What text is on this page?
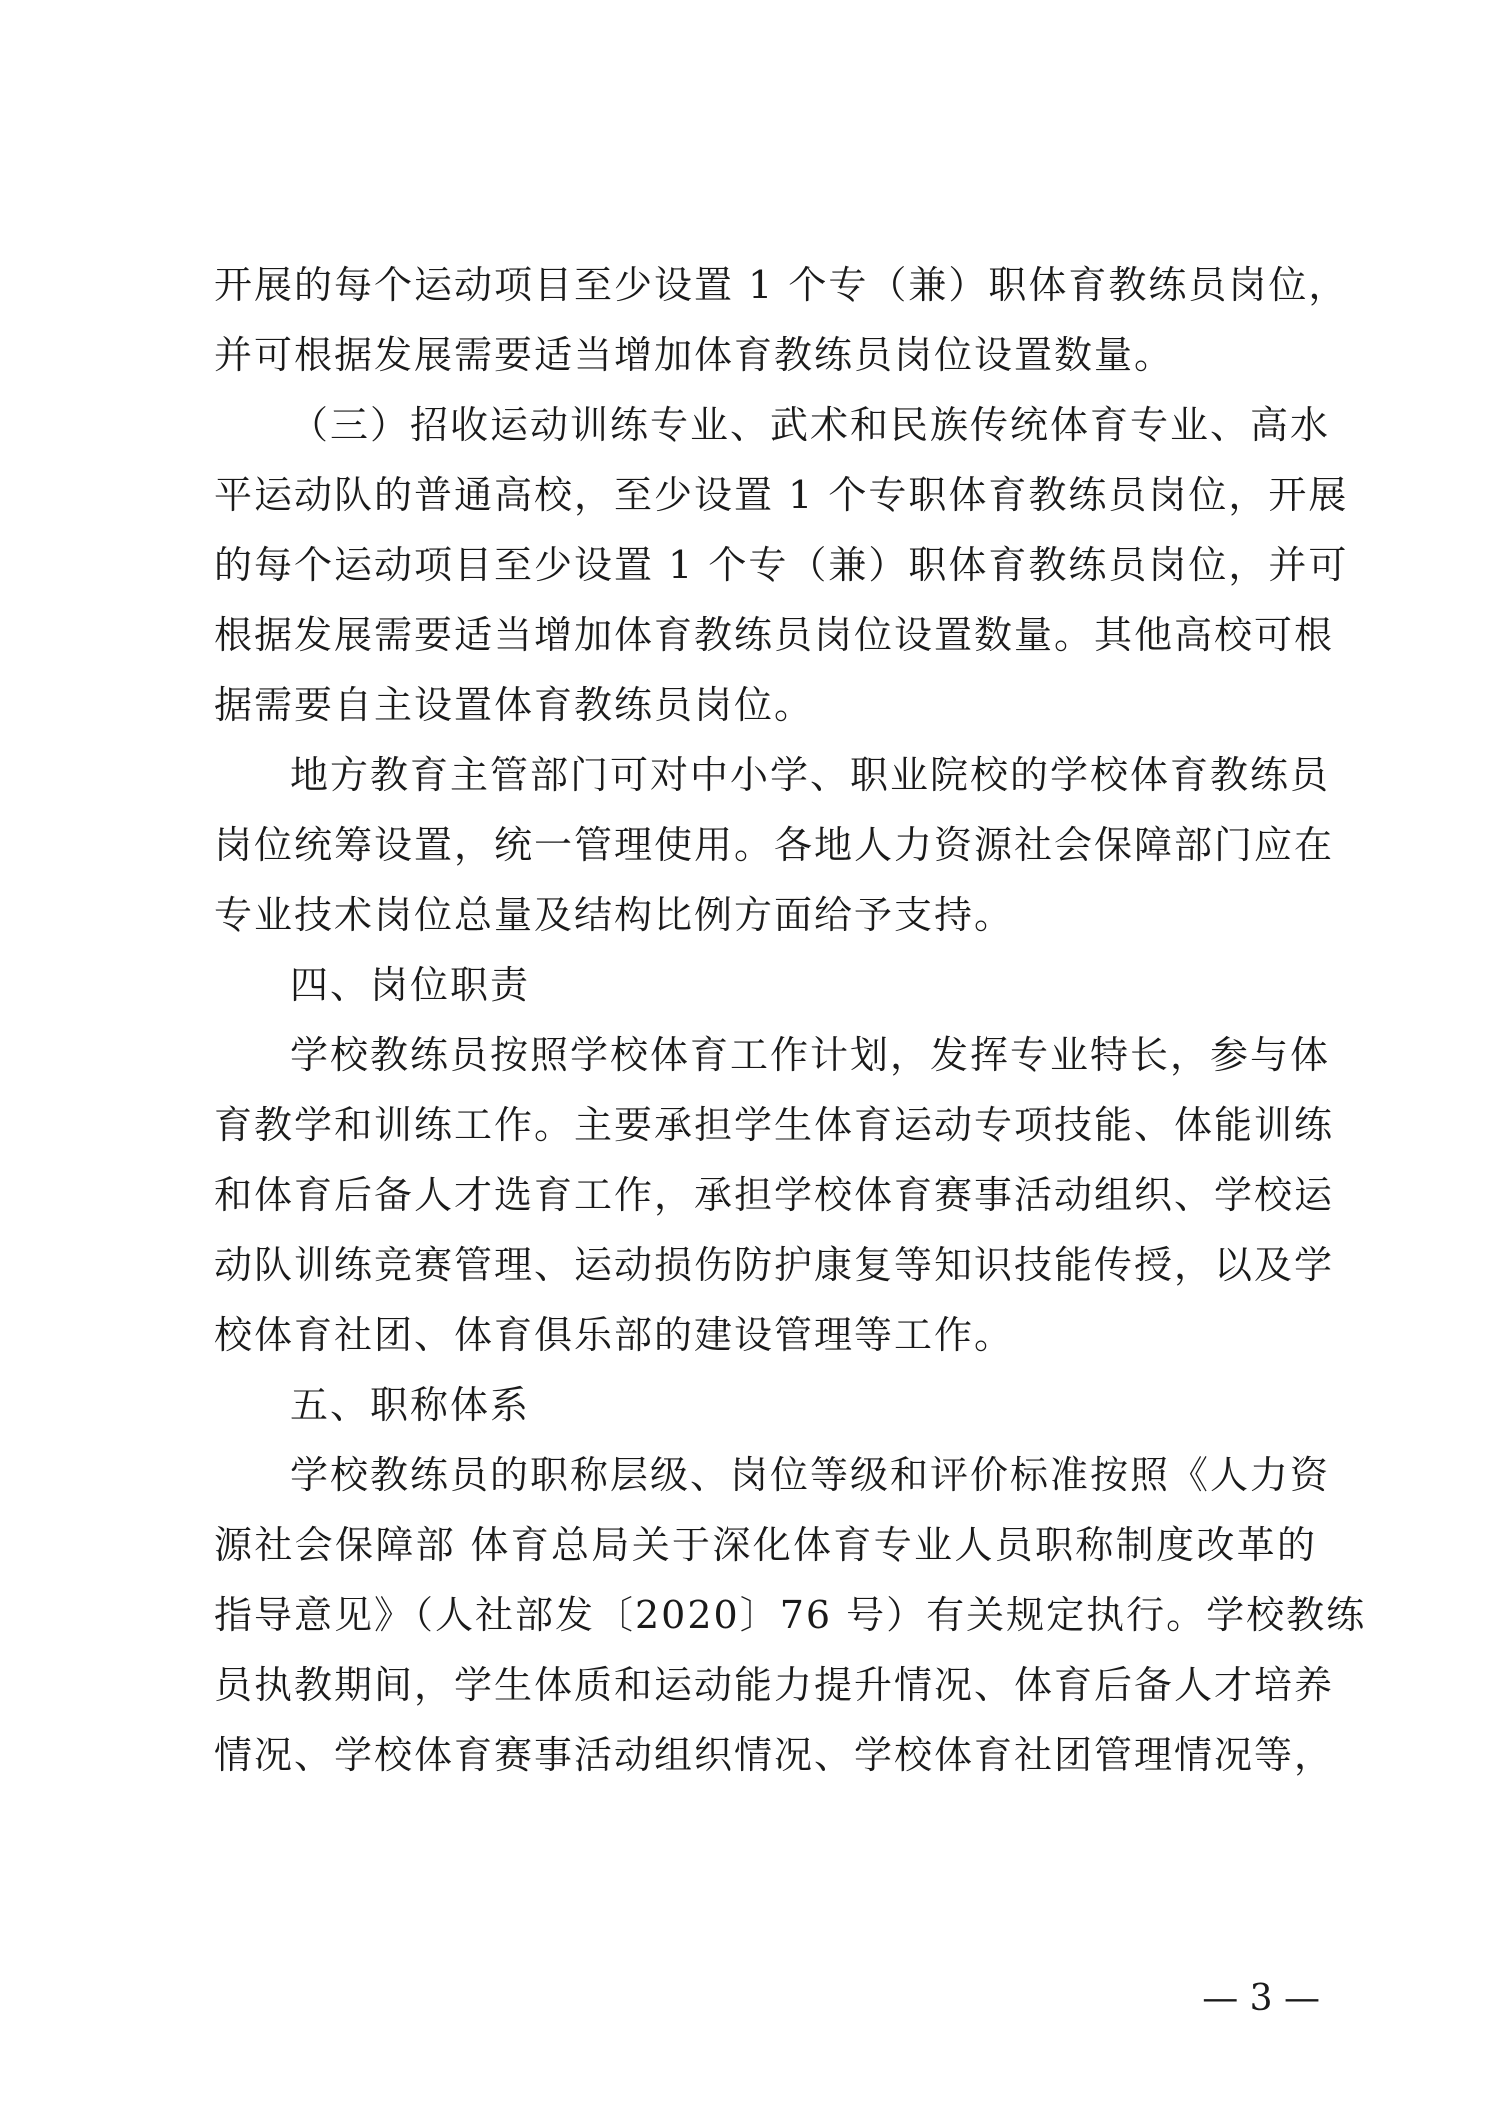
开展的每个运动项目至少设置 1 个专（兼）职体育教练员岗位，
并可根据发展需要适当增加体育教练员岗位设置数量。
（三）招收运动训练专业、武术和民族传统体育专业、高水
平运动队的普通高校，至少设置 1 个专职体育教练员岗位，开展
的每个运动项目至少设置 1 个专（兼）职体育教练员岗位，并可
根据发展需要适当增加体育教练员岗位设置数量。其他高校可根
据需要自主设置体育教练员岗位。
地方教育主管部门可对中小学、职业院校的学校体育教练员
岗位统筹设置，统一管理使用。各地人力资源社会保障部门应在
专业技术岗位总量及结构比例方面给予支持。
四、岗位职责
学校教练员按照学校体育工作计划，发挥专业特长，参与体
育教学和训练工作。主要承担学生体育运动专项技能、体能训练
和体育后备人才选育工作，承担学校体育赛事活动组织、学校运
动队训练竞赛管理、运动损伤防护康复等知识技能传授，以及学
校体育社团、体育俱乐部的建设管理等工作。
五、职称体系
学校教练员的职称层级、岗位等级和评价标准按照《人力资
源社会保障部 体育总局关于深化体育专业人员职称制度改革的
指导意见》（人社部发〔2020〕76 号）有关规定执行。学校教练
员执教期间，学生体质和运动能力提升情况、体育后备人才培养
情况、学校体育赛事活动组织情况、学校体育社团管理情况等，
— 3 —
